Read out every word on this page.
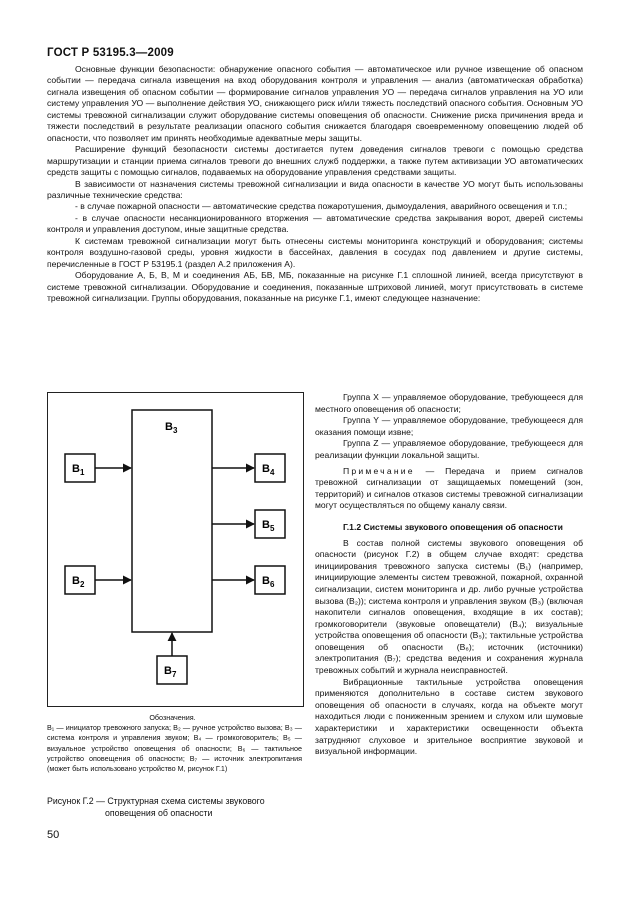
ГОСТ Р 53195.3—2009

Основные функции безопасности: обнаружение опасного события — автоматическое или ручное извещение об опасном событии — передача сигнала извещения на вход оборудования контроля и управления — анализ (автоматическая обработка) сигнала извещения об опасном событии — формирование сигналов управления УО — передача сигналов управления на УО или систему управления УО — выполнение действия УО, снижающего риск и/или тяжесть последствий опасного события. Основным УО системы тревожной сигнализации служит оборудование системы оповещения об опасности. Снижение риска причинения вреда и тяжести последствий в результате реализации опасного события снижается благодаря своевременному оповещению людей об опасности, что позволяет им принять необходимые адекватные меры защиты.

Расширение функций безопасности системы достигается путем доведения сигналов тревоги с помощью средства маршрутизации и станции приема сигналов тревоги до внешних служб поддержки, а также путем активизации УО автоматических средств защиты с помощью сигналов, подаваемых на оборудование управления средствами защиты.

В зависимости от назначения системы тревожной сигнализации и вида опасности в качестве УО могут быть использованы различные технические средства:

- в случае пожарной опасности — автоматические средства пожаротушения, дымоудаления, аварийного освещения и т.п.;

- в случае опасности несанкционированного вторжения — автоматические средства закрывания ворот, дверей системы контроля и управления доступом, иные защитные средства.

К системам тревожной сигнализации могут быть отнесены системы мониторинга конструкций и оборудования; системы контроля воздушно-газовой среды, уровня жидкости в бассейнах, давления в сосудах под давлением и другие системы, перечисленные в ГОСТ Р 53195.1 (раздел А.2 приложения А).

Оборудование А, Б, В, М и соединения АБ, БВ, МБ, показанные на рисунке Г.1 сплошной линией, всегда присутствуют в системе тревожной сигнализации. Оборудование и соединения, показанные штриховой линией, могут присутствовать в системе тревожной сигнализации. Группы оборудования, показанные на рисунке Г.1, имеют следующее назначение:

$B_3$
$B_1$
$B_2$
$B_4$
$B_5$
$B_6$
$B_7$
Обозначения.

B₁ — инициатор тревожного запуска; B₂ — ручное устройство вызова; B₃ — система контроля и управления звуком; B₄ — громкоговоритель; B₅ — визуальное устройство оповещения об опасности; B₆ — тактильное устройство оповещения об опасности; B₇ — источник электропитания (может быть использовано устройство М, рисунок Г.1)

Рисунок Г.2 — Структурная схема системы звукового оповещения об опасности

Группа X — управляемое оборудование, требующееся для местного оповещения об опасности;

Группа Y — управляемое оборудование, требующееся для оказания помощи извне;

Группа Z — управляемое оборудование, требующееся для реализации функции локальной защиты.

Примечание — Передача и прием сигналов тревожной сигнализации от защищаемых помещений (зон, территорий) и сигналов отказов системы тревожной сигнализации могут осуществляться по общему каналу связи.

Г.1.2 Системы звукового оповещения об опасности

В состав полной системы звукового оповещения об опасности (рисунок Г.2) в общем случае входят: средства инициирования тревожного запуска системы (B₁) (например, инициирующие элементы систем тревожной, пожарной, охранной сигнализации, систем мониторинга и др. либо ручные устройства вызова (B₂)); система контроля и управления звуком (B₃) (включая накопители сигналов оповещения, входящие в их состав); громкоговорители (звуковые оповещатели) (B₄); визуальные устройства оповещения об опасности (B₅); тактильные устройства оповещения об опасности (B₆); источник (источники) электропитания (B₇); средства ведения и сохранения журнала тревожных событий и журнала неисправностей.

Вибрационные тактильные устройства оповещения применяются дополнительно в составе систем звукового оповещения об опасности в случаях, когда на объекте могут находиться люди с пониженным зрением и слухом или шумовые характеристики и характеристики освещенности объекта затрудняют слуховое и зрительное восприятие звуковой и визуальной информации.

50
